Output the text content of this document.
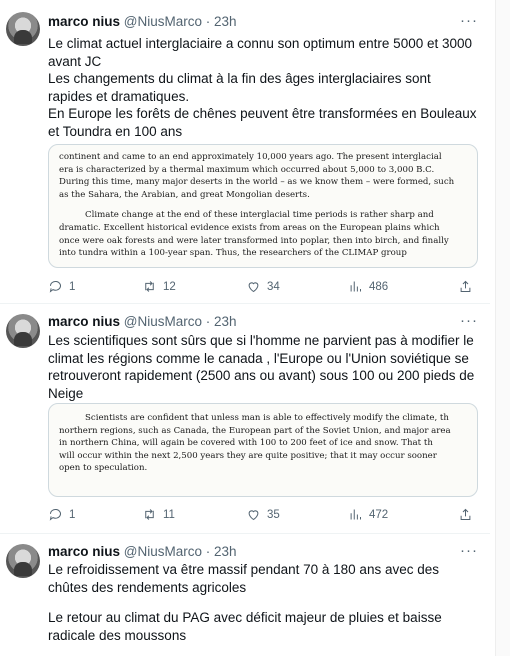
marco nius @NiusMarco · 23h	···

Le climat actuel interglaciaire a connu son optimum entre 5000 et 3000 avant JC

Les changements du climat à la fin des âges interglaciaires sont rapides et dramatiques.

En Europe les forêts de chênes peuvent être transformées en Bouleaux et Toundra en 100 ans

continent and came to an end approximately 10,000 years ago. The present interglacial
era is characterized by a thermal maximum which occurred about 5,000 to 3,000 B.C.
During this time, many major deserts in the world – as we know them – were formed, such
as the Sahara, the Arabian, and great Mongolian deserts.
Climate change at the end of these interglacial time periods is rather sharp and
dramatic. Excellent historical evidence exists from areas on the European plains which
once were oak forests and were later transformed into poplar, then into birch, and finally
into tundra within a 100-year span. Thus, the researchers of the CLIMAP group
1	12	34	486
marco nius @NiusMarco · 23h	···

Les scientifiques sont sûrs que si l'homme ne parvient pas à modifier le climat les régions comme le canada , l'Europe ou l'Union soviétique se retrouveront rapidement (2500 ans ou avant) sous 100 ou 200 pieds de Neige

Scientists are confident that unless man is able to effectively modify the climate, th
northern regions, such as Canada, the European part of the Soviet Union, and major area
in northern China, will again be covered with 100 to 200 feet of ice and snow. That th
will occur within the next 2,500 years they are quite positive; that it may occur sooner
open to speculation.
1	11	35	472
marco nius @NiusMarco · 23h	···

Le refroidissement va être massif pendant 70 à 180 ans avec des chûtes des rendements agricoles

Le retour au climat du PAG avec déficit majeur de pluies et baisse radicale des moussons
